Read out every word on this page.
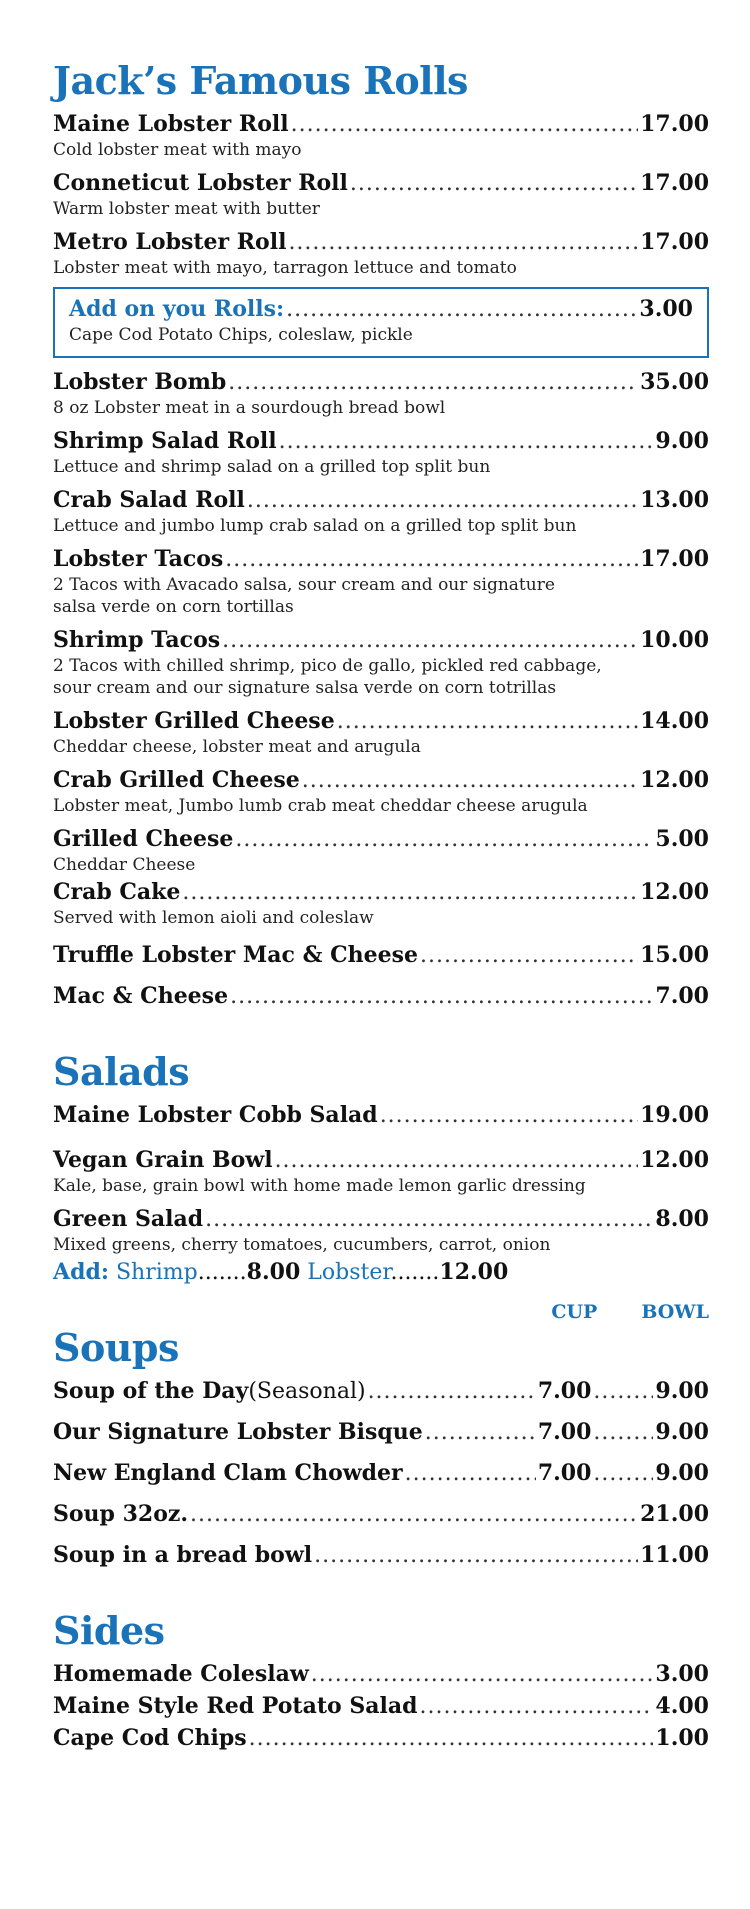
Jack’s Famous Rolls
Maine Lobster Roll .....	17.00
Cold lobster meat with mayo
Conneticut Lobster Roll .....	17.00
Warm lobster meat with butter
Metro Lobster Roll .....	17.00
Lobster meat with mayo, tarragon lettuce and tomato
Add on you Rolls: .....	3.00
Cape Cod Potato Chips, coleslaw, pickle
Lobster Bomb .....	35.00
8 oz Lobster meat in a sourdough bread bowl
Shrimp Salad Roll .....	9.00
Lettuce and shrimp salad on a grilled top split bun
Crab Salad Roll .....	13.00
Lettuce and jumbo lump crab salad on a grilled top split bun
Lobster Tacos .....	17.00
2 Tacos with Avacado salsa, sour cream and our signature
salsa verde on corn tortillas
Shrimp Tacos .....	10.00
2 Tacos with chilled shrimp, pico de gallo, pickled red cabbage,
sour cream and our signature salsa verde on corn totrillas
Lobster Grilled Cheese .....	14.00
Cheddar cheese, lobster meat and arugula
Crab Grilled Cheese .....	12.00
Lobster meat, Jumbo lumb crab meat cheddar cheese arugula
Grilled Cheese .....	5.00
Cheddar Cheese
Crab Cake .....	12.00
Served with lemon aioli and coleslaw
Truffle Lobster Mac & Cheese .....	15.00
Mac & Cheese .....	7.00
Salads
Maine Lobster Cobb Salad .....	19.00
Vegan Grain Bowl .....	12.00
Kale, base, grain bowl with home made lemon garlic dressing
Green Salad .....	8.00
Mixed greens, cherry tomatoes, cucumbers, carrot, onion
Add: Shrimp.......8.00 Lobster.......12.00
CUP BOWL
Soups
Soup of the Day (Seasonal) .....	7.00 .....	9.00
Our Signature Lobster Bisque .....	7.00 .....	9.00
New England Clam Chowder .....	7.00 .....	9.00
Soup 32oz. .....	21.00
Soup in a bread bowl .....	11.00
Sides
Homemade Coleslaw .....	3.00
Maine Style Red Potato Salad .....	4.00
Cape Cod Chips .....	1.00
